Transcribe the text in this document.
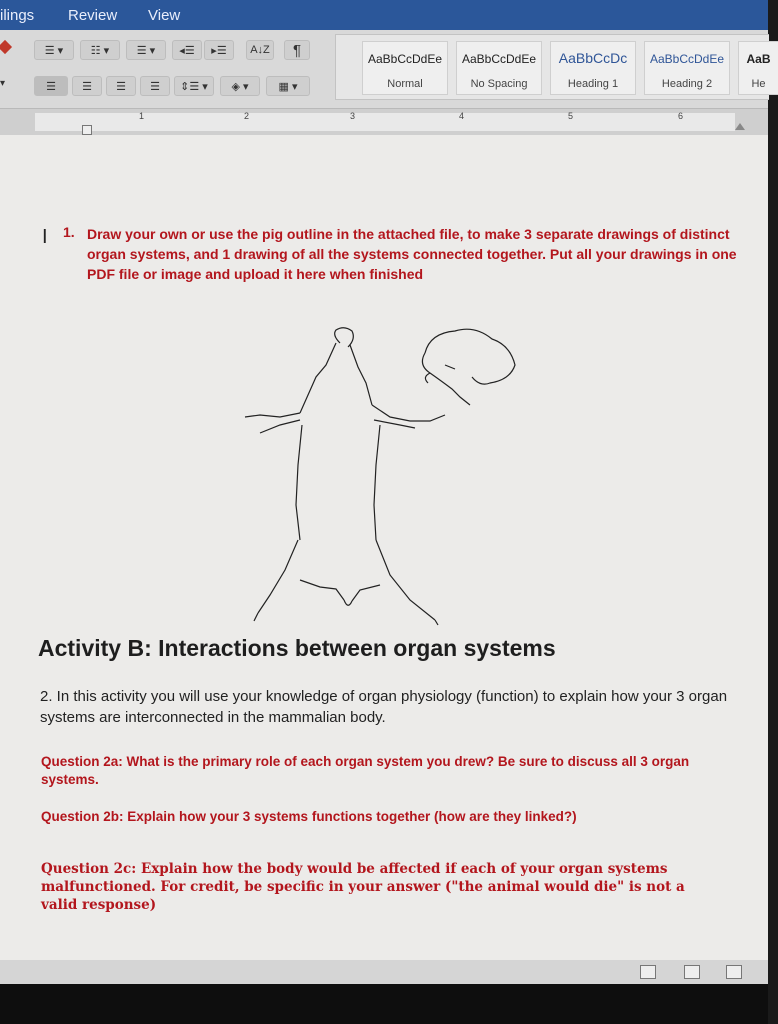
ilings Review View
☰ ▾	☷ ▾	☰ ▾	◂☰	▸☰	A↓Z	¶
▾	☰	☰	☰	☰	⇕☰ ▾	◈ ▾	▦ ▾
AaBbCcDdEe
Normal
AaBbCcDdEe
No Spacing
AaBbCcDc
Heading 1
AaBbCcDdEe
Heading 2
AaB
He
1	2	3	4	5	6
I 1. Draw your own or use the pig outline in the attached file, to make 3 separate drawings of distinct organ systems, and 1 drawing of all the systems connected together. Put all your drawings in one PDF file or image and upload it here when finished
Activity B: Interactions between organ systems
2. In this activity you will use your knowledge of organ physiology (function) to explain how your 3 organ systems are interconnected in the mammalian body.
Question 2a: What is the primary role of each organ system you drew? Be sure to discuss all 3 organ systems.
Question 2b: Explain how your 3 systems functions together (how are they linked?)
Question 2c: Explain how the body would be affected if each of your organ systems malfunctioned. For credit, be specific in your answer ("the animal would die" is not a valid response)
